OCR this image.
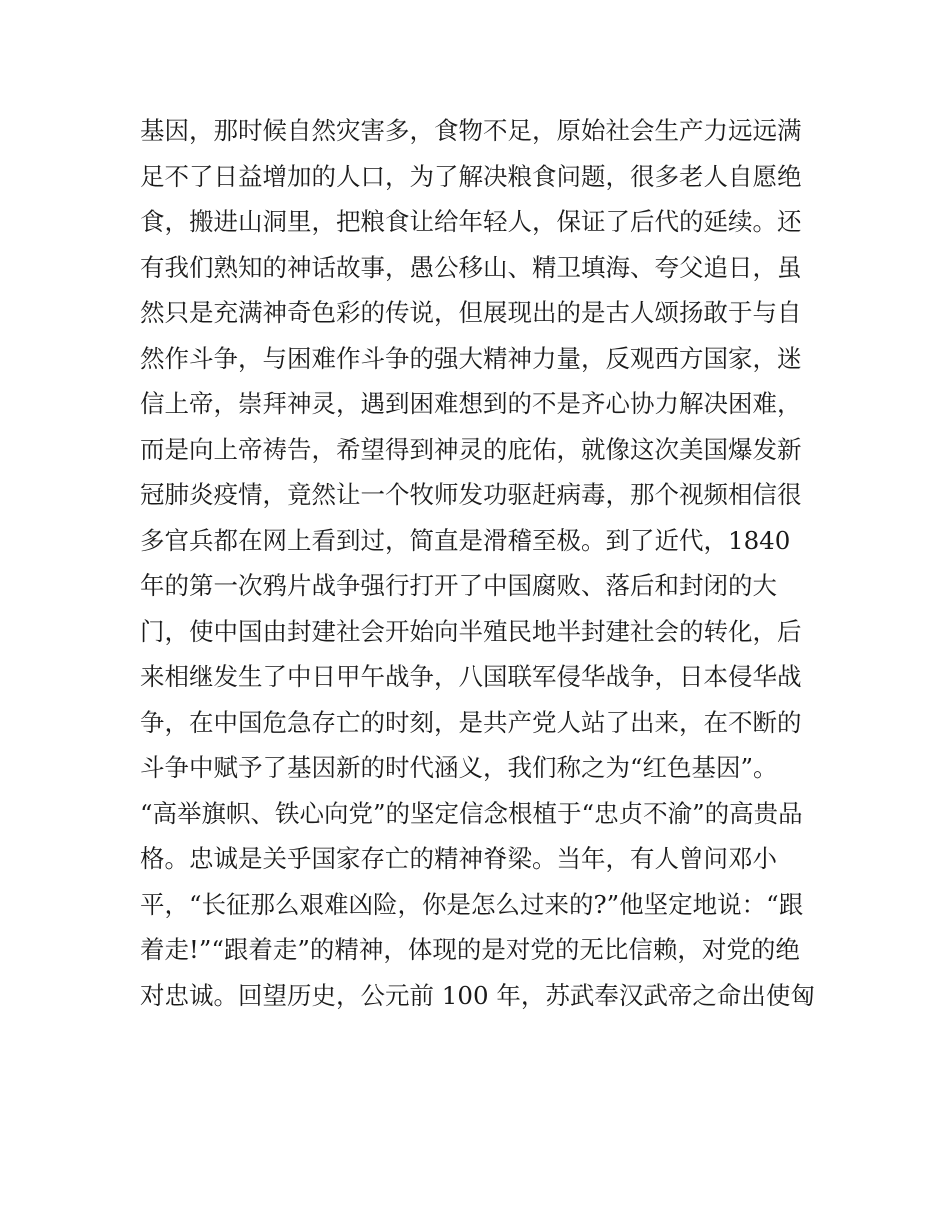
基因，那时候自然灾害多，食物不足，原始社会生产力远远满
足不了日益增加的人口，为了解决粮食问题，很多老人自愿绝
食，搬进山洞里，把粮食让给年轻人，保证了后代的延续。还
有我们熟知的神话故事，愚公移山、精卫填海、夸父追日，虽
然只是充满神奇色彩的传说，但展现出的是古人颂扬敢于与自
然作斗争，与困难作斗争的强大精神力量，反观西方国家，迷
信上帝，崇拜神灵，遇到困难想到的不是齐心协力解决困难，
而是向上帝祷告，希望得到神灵的庇佑，就像这次美国爆发新
冠肺炎疫情，竟然让一个牧师发功驱赶病毒，那个视频相信很
多官兵都在网上看到过，简直是滑稽至极。到了近代，1840
年的第一次鸦片战争强行打开了中国腐败、落后和封闭的大
门，使中国由封建社会开始向半殖民地半封建社会的转化，后
来相继发生了中日甲午战争，八国联军侵华战争，日本侵华战
争，在中国危急存亡的时刻，是共产党人站了出来，在不断的
斗争中赋予了基因新的时代涵义，我们称之为“红色基因”。
“高举旗帜、铁心向党”的坚定信念根植于“忠贞不渝”的高贵品
格。忠诚是关乎国家存亡的精神脊梁。当年，有人曾问邓小
平，“长征那么艰难凶险，你是怎么过来的?”他坚定地说：“跟
着走!”“跟着走”的精神，体现的是对党的无比信赖，对党的绝
对忠诚。回望历史，公元前 100 年，苏武奉汉武帝之命出使匈
